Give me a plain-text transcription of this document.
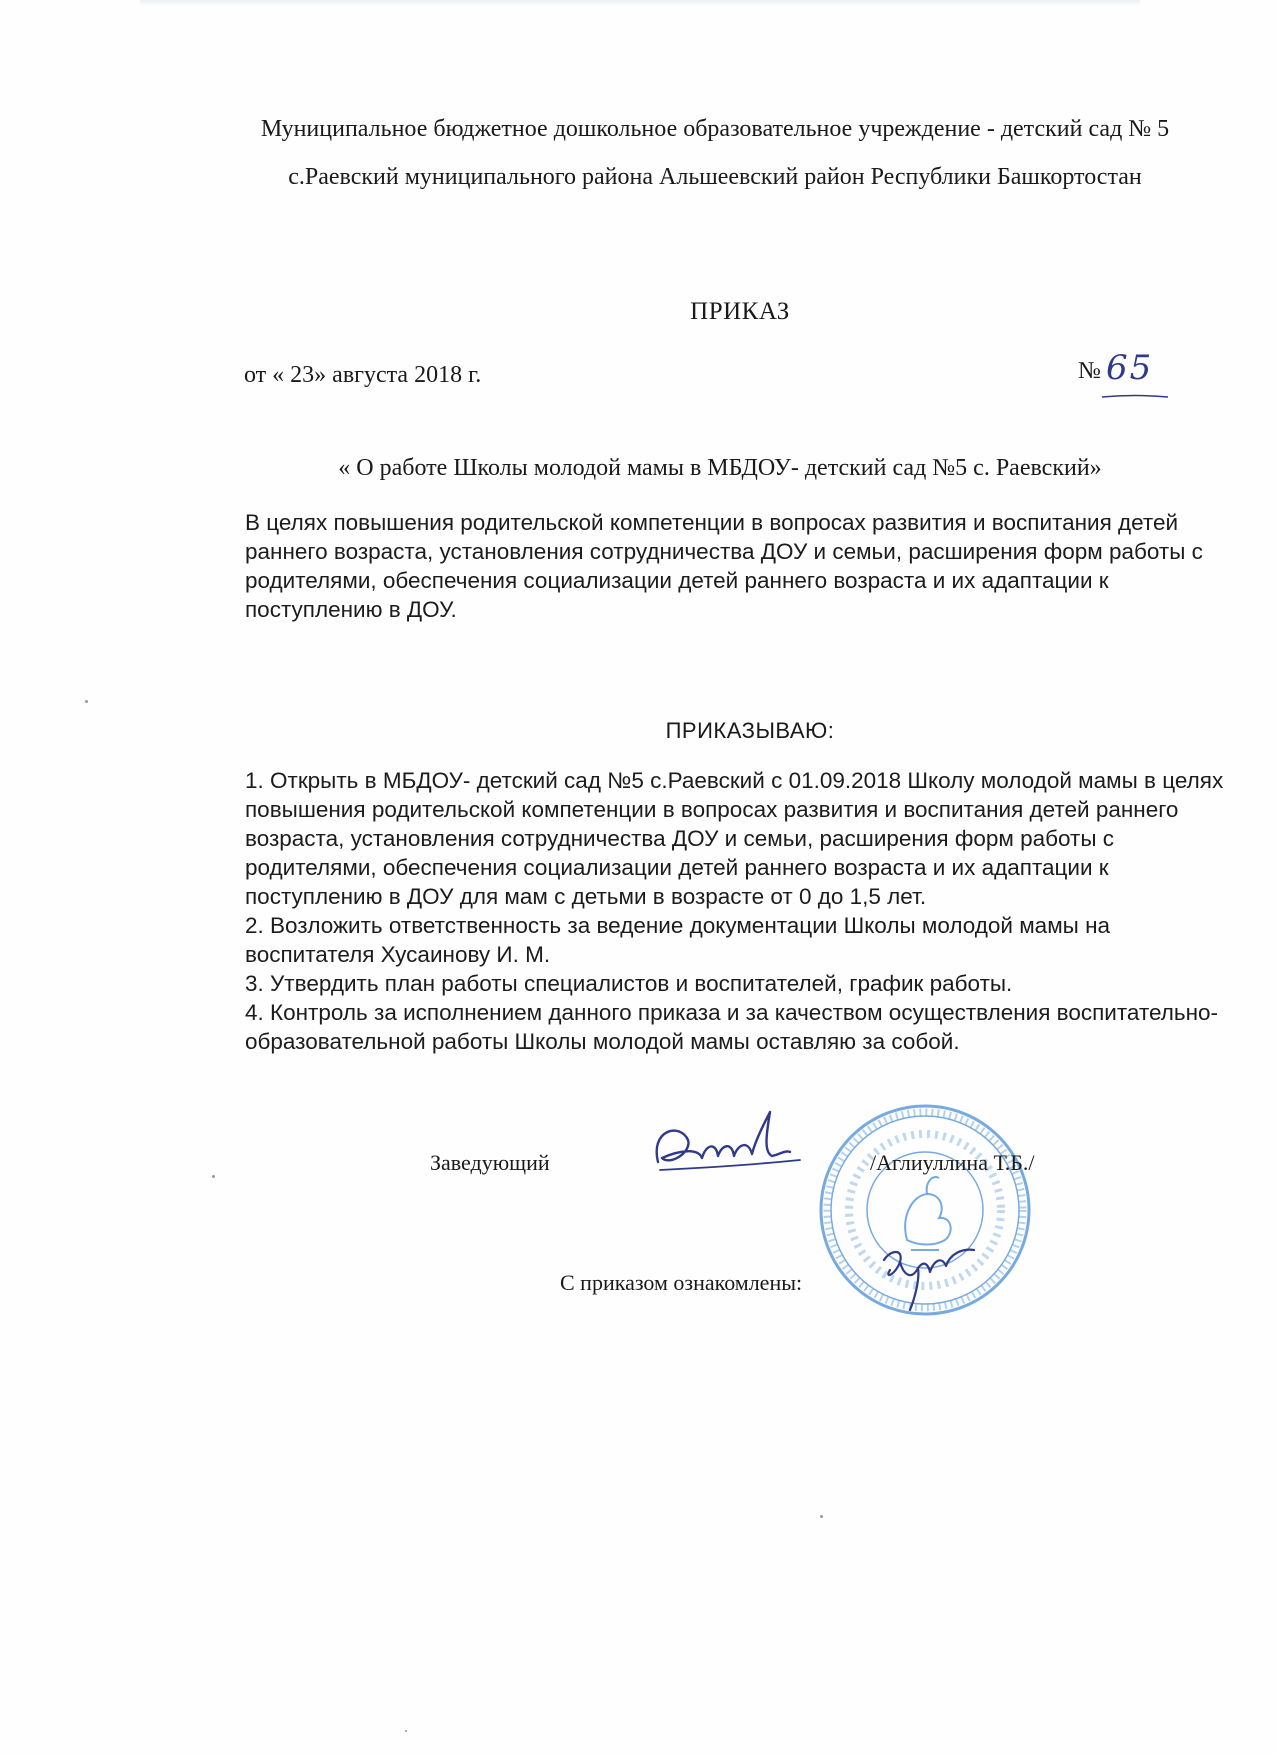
Муниципальное бюджетное дошкольное образовательное учреждение - детский сад № 5
с.Раевский муниципального района Альшеевский район Республики Башкортостан
ПРИКАЗ
от « 23» августа 2018 г.	№ 65
« О работе Школы молодой мамы в МБДОУ- детский сад №5 с. Раевский»
В целях повышения родительской компетенции в вопросах развития и воспитания детей раннего возраста, установления сотрудничества ДОУ и семьи, расширения форм работы с родителями, обеспечения социализации детей раннего возраста и их адаптации к поступлению в ДОУ.
ПРИКАЗЫВАЮ:

1. Открыть в МБДОУ- детский сад №5 с.Раевский с 01.09.2018 Школу молодой мамы в целях повышения родительской компетенции в вопросах развития и воспитания детей раннего возраста, установления сотрудничества ДОУ и семьи, расширения форм работы с родителями, обеспечения социализации детей раннего возраста и их адаптации к поступлению в ДОУ для мам с детьми в возрасте от 0 до 1,5 лет.

2. Возложить ответственность за ведение документации Школы молодой мамы на воспитателя Хусаинову И. М.

3. Утвердить план работы специалистов и воспитателей, график работы.

4. Контроль за исполнением данного приказа и за качеством осуществления воспитательно-образовательной работы Школы молодой мамы оставляю за собой.

Заведующий	/Аглиуллина Т.Б./
С приказом ознакомлены:
